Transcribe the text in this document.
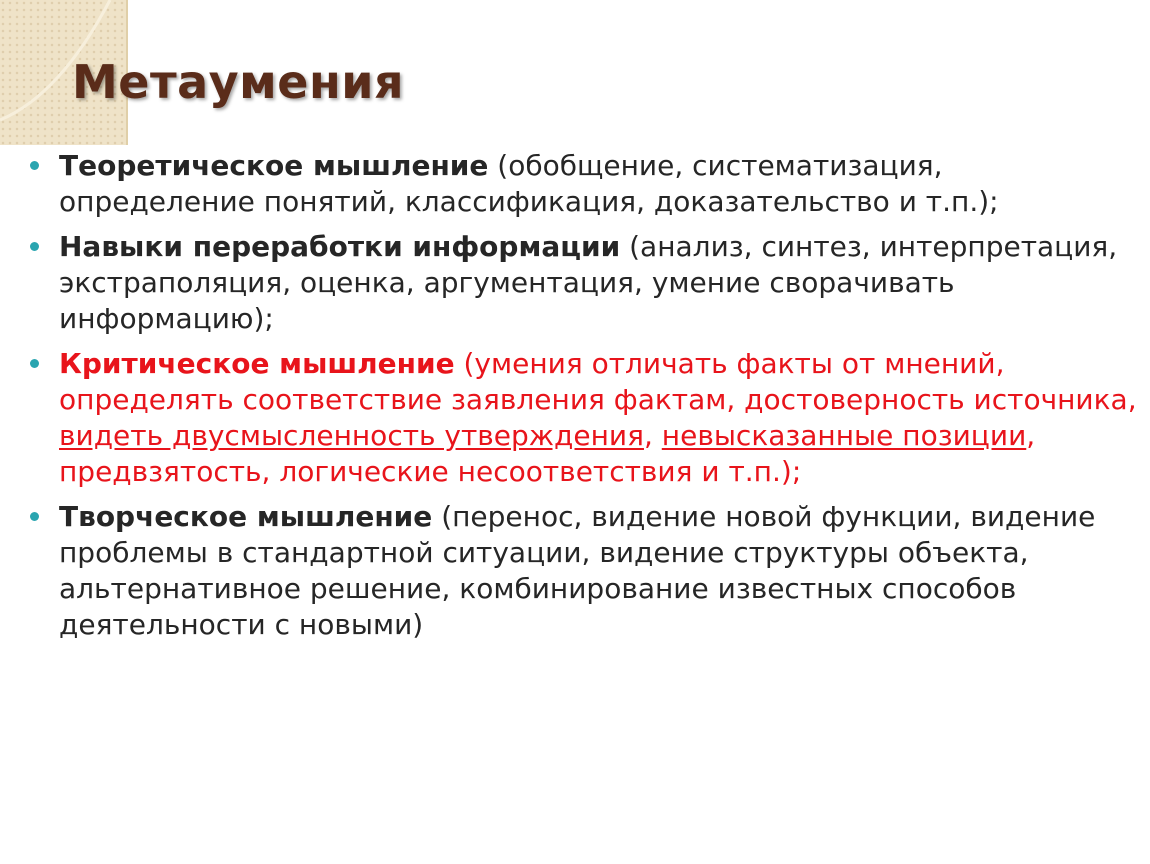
Метаумения
Теоретическое мышление (обобщение, систематизация, определение понятий, классификация, доказательство и т.п.);
Навыки переработки информации (анализ, синтез, интерпретация, экстраполяция, оценка, аргументация, умение сворачивать информацию);
Критическое мышление (умения отличать факты от мнений, определять соответствие заявления фактам, достоверность источника, видеть двусмысленность утверждения, невысказанные позиции, предвзятость, логические несоответствия и т.п.);
Творческое мышление (перенос, видение новой функции, видение проблемы в стандартной ситуации, видение структуры объекта, альтернативное решение, комбинирование известных способов деятельности с новыми)
